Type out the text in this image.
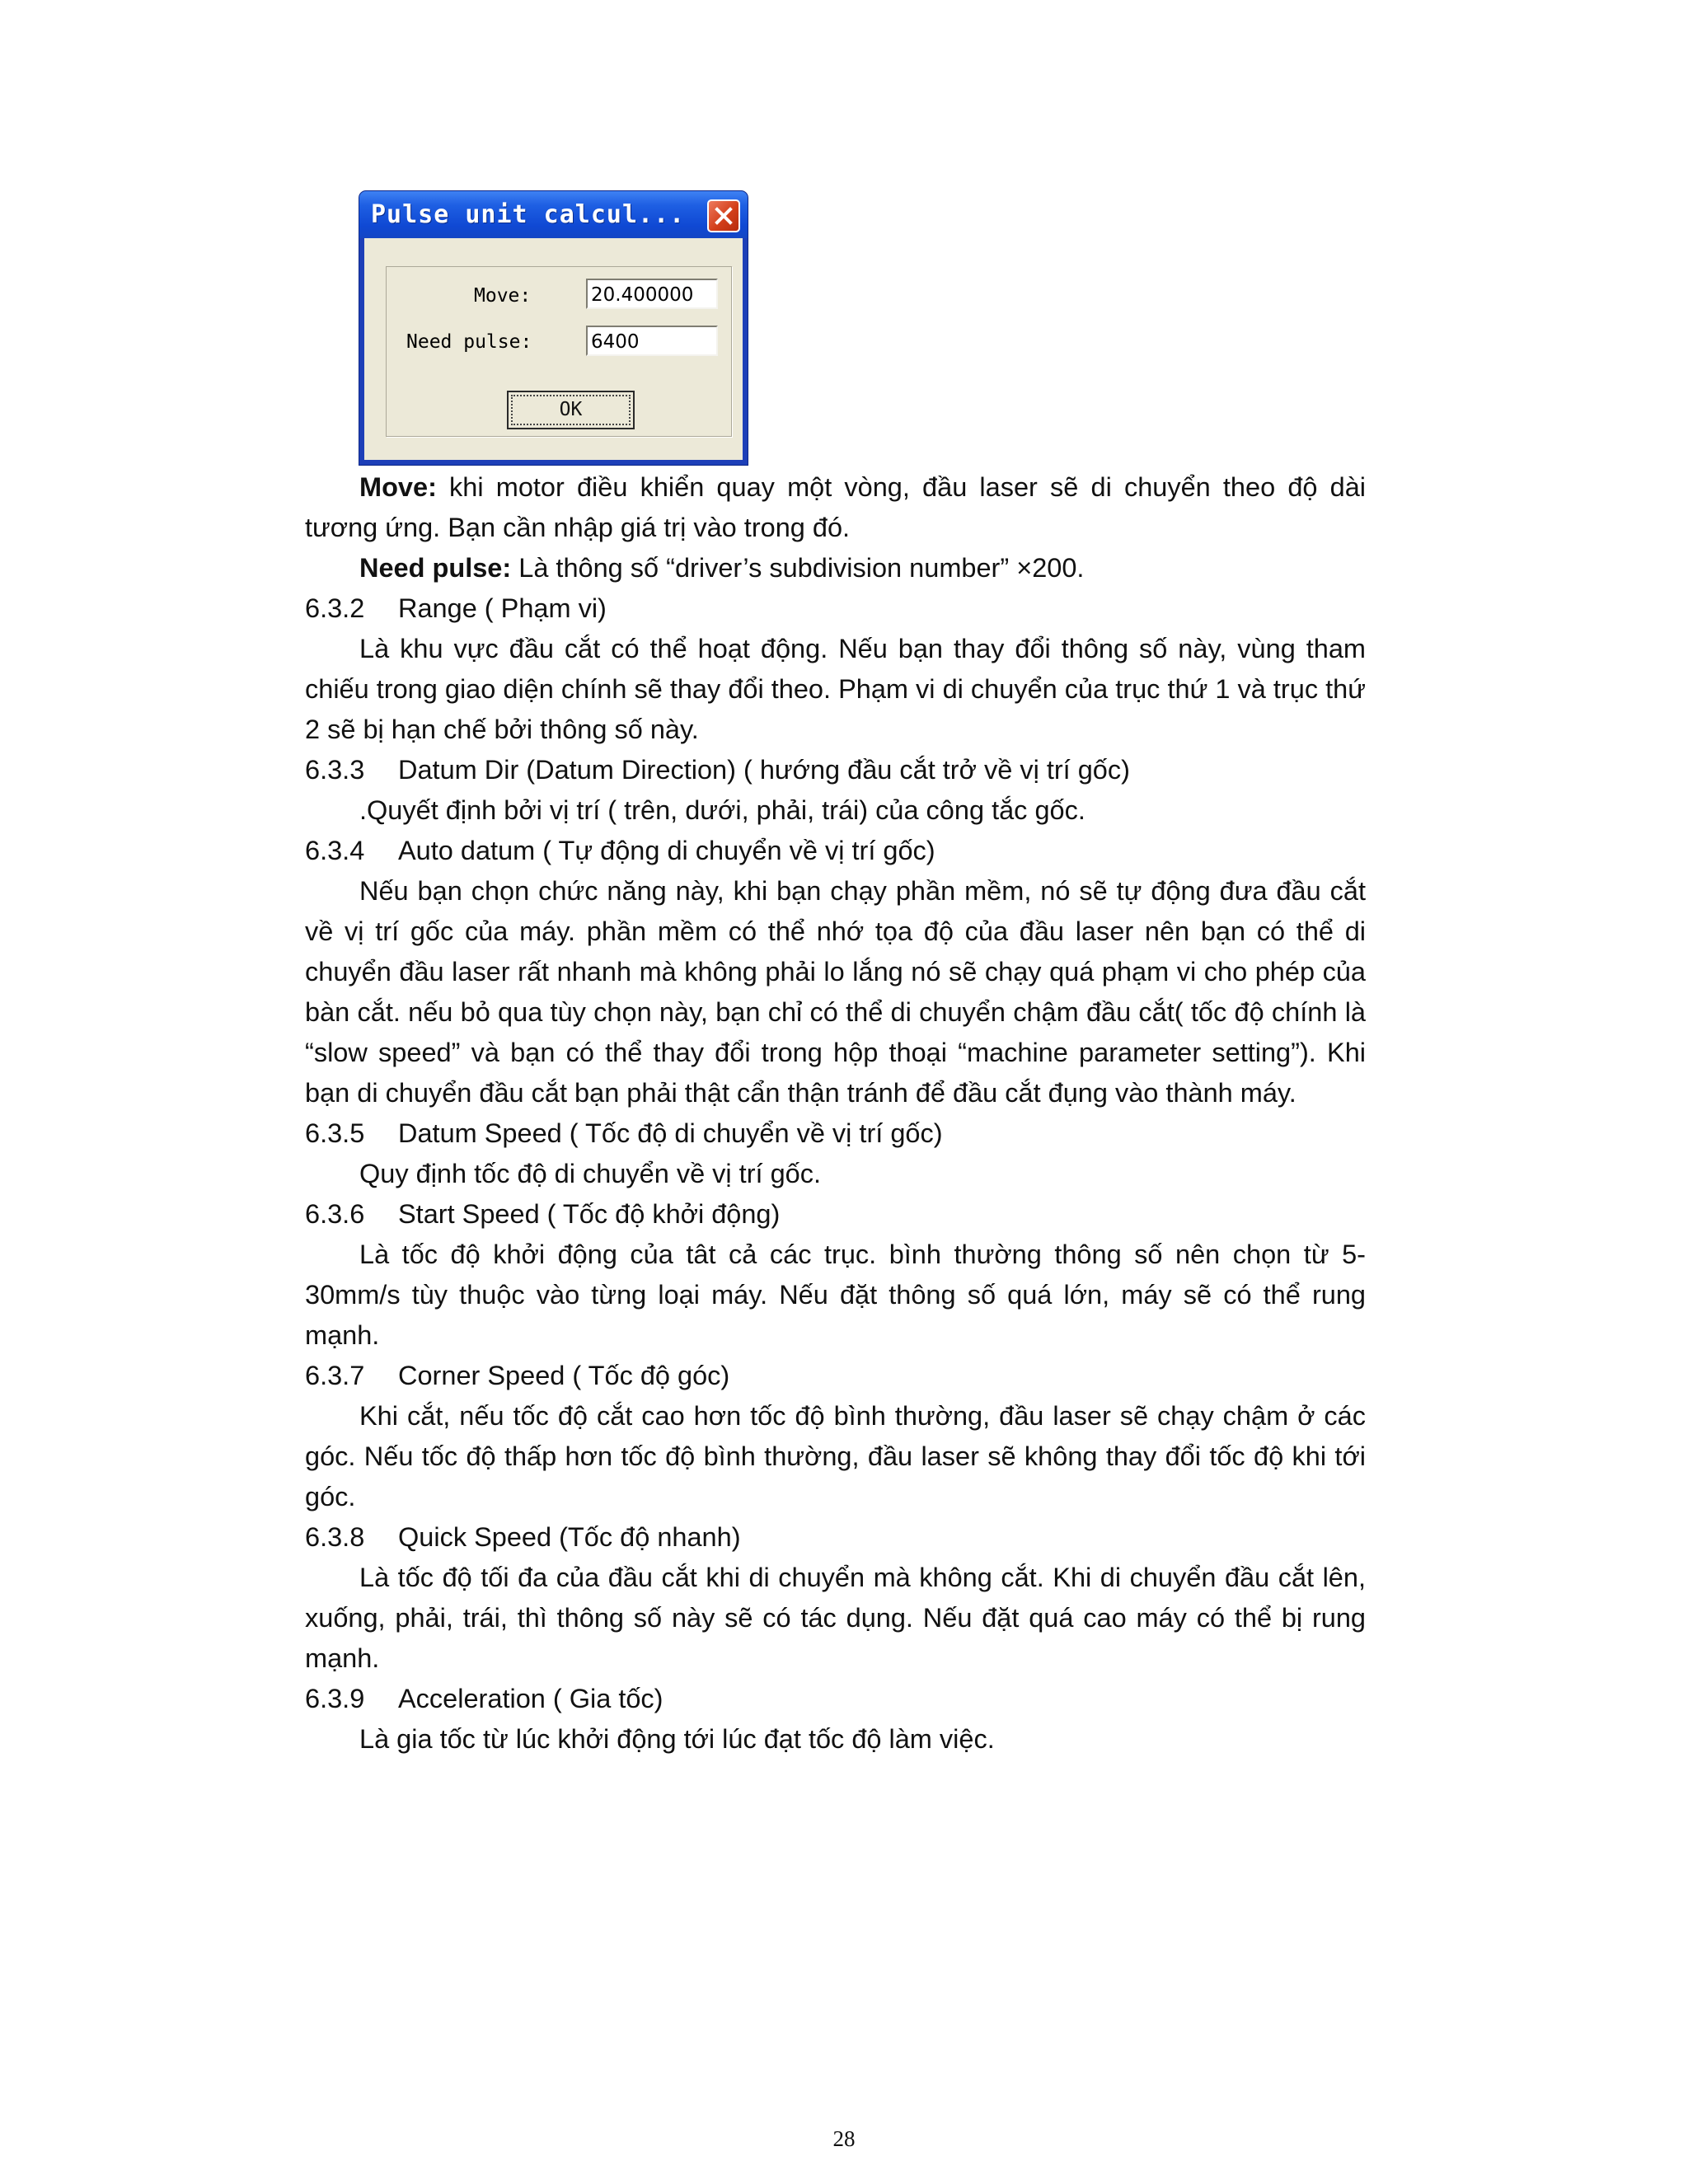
Pulse unit calcul...
Move:
20.400000
Need pulse:
6400
OK

Move: khi motor điều khiển quay một vòng, đầu laser sẽ di chuyển theo độ dài tương ứng. Bạn cần nhập giá trị vào trong đó.

Need pulse: Là thông số “driver’s subdivision number” ×200.

6.3.2 Range ( Phạm vi)

Là khu vực đầu cắt có thể hoạt động. Nếu bạn thay đổi thông số này, vùng tham chiếu trong giao diện chính sẽ thay đổi theo. Phạm vi di chuyển của trục thứ 1 và trục thứ 2 sẽ bị hạn chế bởi thông số này.

6.3.3 Datum Dir (Datum Direction) ( hướng đầu cắt trở về vị trí gốc)

.Quyết định bởi vị trí ( trên, dưới, phải, trái) của công tắc gốc.

6.3.4 Auto datum ( Tự động di chuyển về vị trí gốc)

Nếu bạn chọn chức năng này, khi bạn chạy phần mềm, nó sẽ tự động đưa đầu cắt về vị trí gốc của máy. phần mềm có thể nhớ tọa độ của đầu laser nên bạn có thể di chuyển đầu laser rất nhanh mà không phải lo lắng nó sẽ chạy quá phạm vi cho phép của bàn cắt. nếu bỏ qua tùy chọn này, bạn chỉ có thể di chuyển chậm đầu cắt( tốc độ chính là “slow speed” và bạn có thể thay đổi trong hộp thoại “machine parameter setting”). Khi bạn di chuyển đầu cắt bạn phải thật cẩn thận tránh để đầu cắt đụng vào thành máy.

6.3.5 Datum Speed ( Tốc độ di chuyển về vị trí gốc)

Quy định tốc độ di chuyển về vị trí gốc.

6.3.6 Start Speed ( Tốc độ khởi động)

Là tốc độ khởi động của tât cả các trục. bình thường thông số nên chọn từ 5-30mm/s tùy thuộc vào từng loại máy. Nếu đặt thông số quá lớn, máy sẽ có thể rung mạnh.

6.3.7 Corner Speed ( Tốc độ góc)

Khi cắt, nếu tốc độ cắt cao hơn tốc độ bình thường, đầu laser sẽ chạy chậm ở các góc. Nếu tốc độ thấp hơn tốc độ bình thường, đầu laser sẽ không thay đổi tốc độ khi tới góc.

6.3.8 Quick Speed (Tốc độ nhanh)

Là tốc độ tối đa của đầu cắt khi di chuyển mà không cắt. Khi di chuyển đầu cắt lên, xuống, phải, trái, thì thông số này sẽ có tác dụng. Nếu đặt quá cao máy có thể bị rung mạnh.

6.3.9 Acceleration ( Gia tốc)

Là gia tốc từ lúc khởi động tới lúc đạt tốc độ làm việc.

28
